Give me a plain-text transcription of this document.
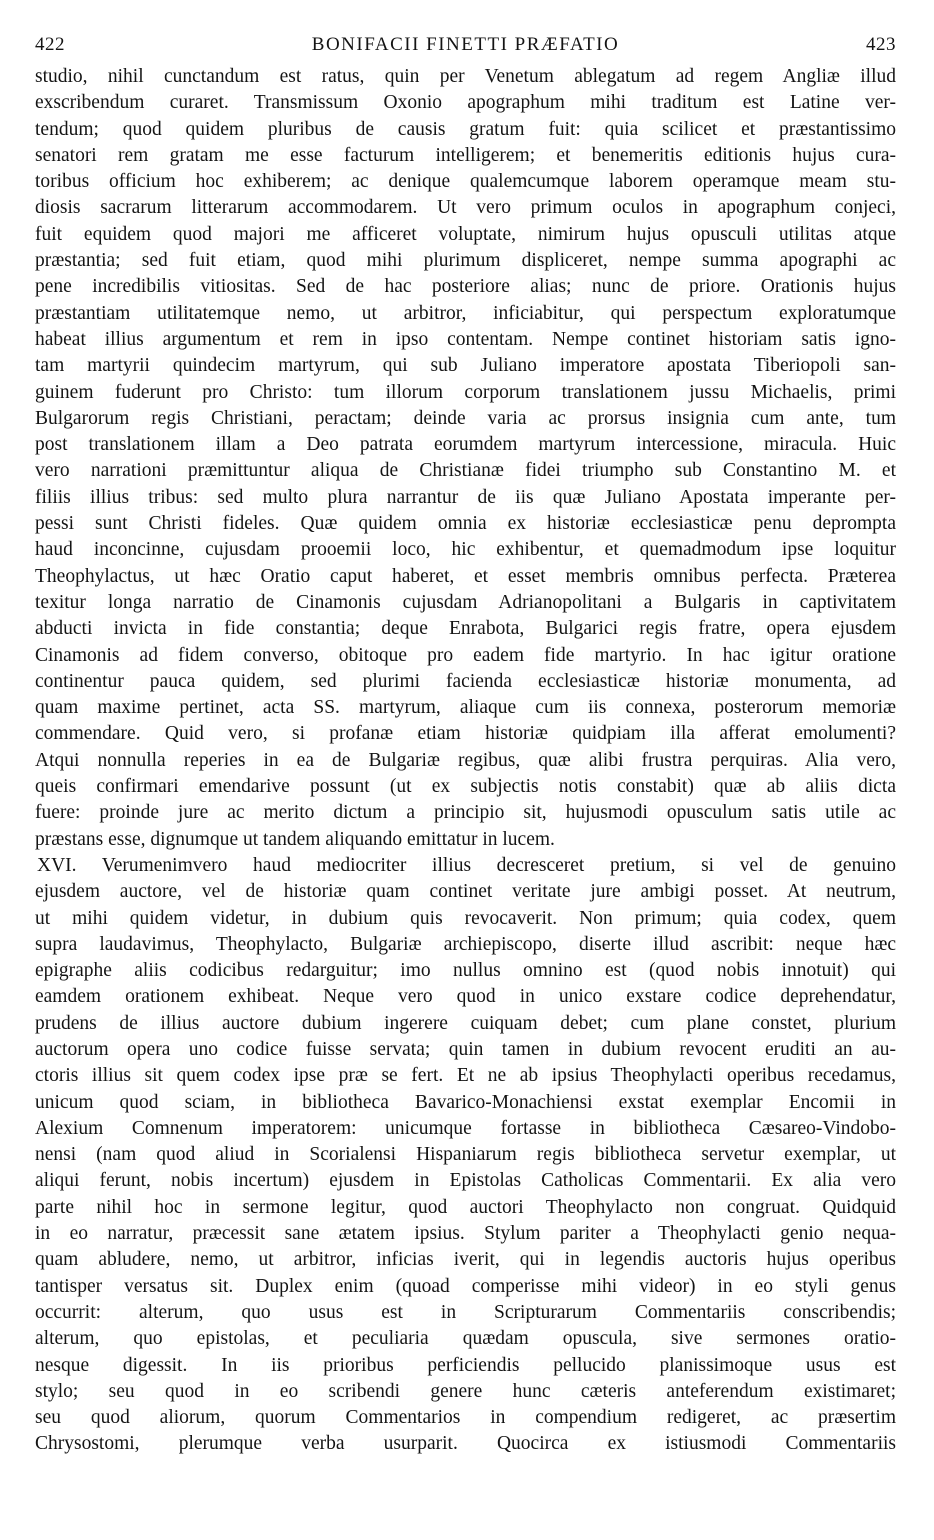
422	BONIFACII FINETTI PRÆFATIO	423
studio, nihil cunctandum est ratus, quin per Venetum ablegatum ad regem Angliæ illud
exscribendum curaret. Transmissum Oxonio apographum mihi traditum est Latine ver-
tendum; quod quidem pluribus de causis gratum fuit: quia scilicet et præstantissimo
senatori rem gratam me esse facturum intelligerem; et benemeritis editionis hujus cura-
toribus officium hoc exhiberem; ac denique qualemcumque laborem operamque meam stu-
diosis sacrarum litterarum accommodarem. Ut vero primum oculos in apographum conjeci,
fuit equidem quod majori me afficeret voluptate, nimirum hujus opusculi utilitas atque
præstantia; sed fuit etiam, quod mihi plurimum displiceret, nempe summa apographi ac
pene incredibilis vitiositas. Sed de hac posteriore alias; nunc de priore. Orationis hujus
præstantiam utilitatemque nemo, ut arbitror, inficiabitur, qui perspectum exploratumque
habeat illius argumentum et rem in ipso contentam. Nempe continet historiam satis igno-
tam martyrii quindecim martyrum, qui sub Juliano imperatore apostata Tiberiopoli san-
guinem fuderunt pro Christo: tum illorum corporum translationem jussu Michaelis, primi
Bulgarorum regis Christiani, peractam; deinde varia ac prorsus insignia cum ante, tum
post translationem illam a Deo patrata eorumdem martyrum intercessione, miracula. Huic
vero narrationi præmittuntur aliqua de Christianæ fidei triumpho sub Constantino M. et
filiis illius tribus: sed multo plura narrantur de iis quæ Juliano Apostata imperante per-
pessi sunt Christi fideles. Quæ quidem omnia ex historiæ ecclesiasticæ penu deprompta
haud inconcinne, cujusdam prooemii loco, hic exhibentur, et quemadmodum ipse loquitur
Theophylactus, ut hæc Oratio caput haberet, et esset membris omnibus perfecta. Præterea
texitur longa narratio de Cinamonis cujusdam Adrianopolitani a Bulgaris in captivitatem
abducti invicta in fide constantia; deque Enrabota, Bulgarici regis fratre, opera ejusdem
Cinamonis ad fidem converso, obitoque pro eadem fide martyrio. In hac igitur oratione
continentur pauca quidem, sed plurimi facienda ecclesiasticæ historiæ monumenta, ad
quam maxime pertinet, acta SS. martyrum, aliaque cum iis connexa, posterorum memoriæ
commendare. Quid vero, si profanæ etiam historiæ quidpiam illa afferat emolumenti?
Atqui nonnulla reperies in ea de Bulgariæ regibus, quæ alibi frustra perquiras. Alia vero,
queis confirmari emendarive possunt (ut ex subjectis notis constabit) quæ ab aliis dicta
fuere: proinde jure ac merito dictum a principio sit, hujusmodi opusculum satis utile ac
præstans esse, dignumque ut tandem aliquando emittatur in lucem.
XVI. Verumenimvero haud mediocriter illius decresceret pretium, si vel de genuino
ejusdem auctore, vel de historiæ quam continet veritate jure ambigi posset. At neutrum,
ut mihi quidem videtur, in dubium quis revocaverit. Non primum; quia codex, quem
supra laudavimus, Theophylacto, Bulgariæ archiepiscopo, diserte illud ascribit: neque hæc
epigraphe aliis codicibus redarguitur; imo nullus omnino est (quod nobis innotuit) qui
eamdem orationem exhibeat. Neque vero quod in unico exstare codice deprehendatur,
prudens de illius auctore dubium ingerere cuiquam debet; cum plane constet, plurium
auctorum opera uno codice fuisse servata; quin tamen in dubium revocent eruditi an au-
ctoris illius sit quem codex ipse præ se fert. Et ne ab ipsius Theophylacti operibus recedamus,
unicum quod sciam, in bibliotheca Bavarico-Monachiensi exstat exemplar Encomii in
Alexium Comnenum imperatorem: unicumque fortasse in bibliotheca Cæsareo-Vindobo-
nensi (nam quod aliud in Scorialensi Hispaniarum regis bibliotheca servetur exemplar, ut
aliqui ferunt, nobis incertum) ejusdem in Epistolas Catholicas Commentarii. Ex alia vero
parte nihil hoc in sermone legitur, quod auctori Theophylacto non congruat. Quidquid
in eo narratur, præcessit sane ætatem ipsius. Stylum pariter a Theophylacti genio nequa-
quam abludere, nemo, ut arbitror, inficias iverit, qui in legendis auctoris hujus operibus
tantisper versatus sit. Duplex enim (quoad comperisse mihi videor) in eo styli genus
occurrit: alterum, quo usus est in Scripturarum Commentariis conscribendis;
alterum, quo epistolas, et peculiaria quædam opuscula, sive sermones oratio-
nesque digessit. In iis prioribus perficiendis pellucido planissimoque usus est
stylo; seu quod in eo scribendi genere hunc cæteris anteferendum existimaret;
seu quod aliorum, quorum Commentarios in compendium redigeret, ac præsertim
Chrysostomi, plerumque verba usurparit. Quocirca ex istiusmodi Commentariis
